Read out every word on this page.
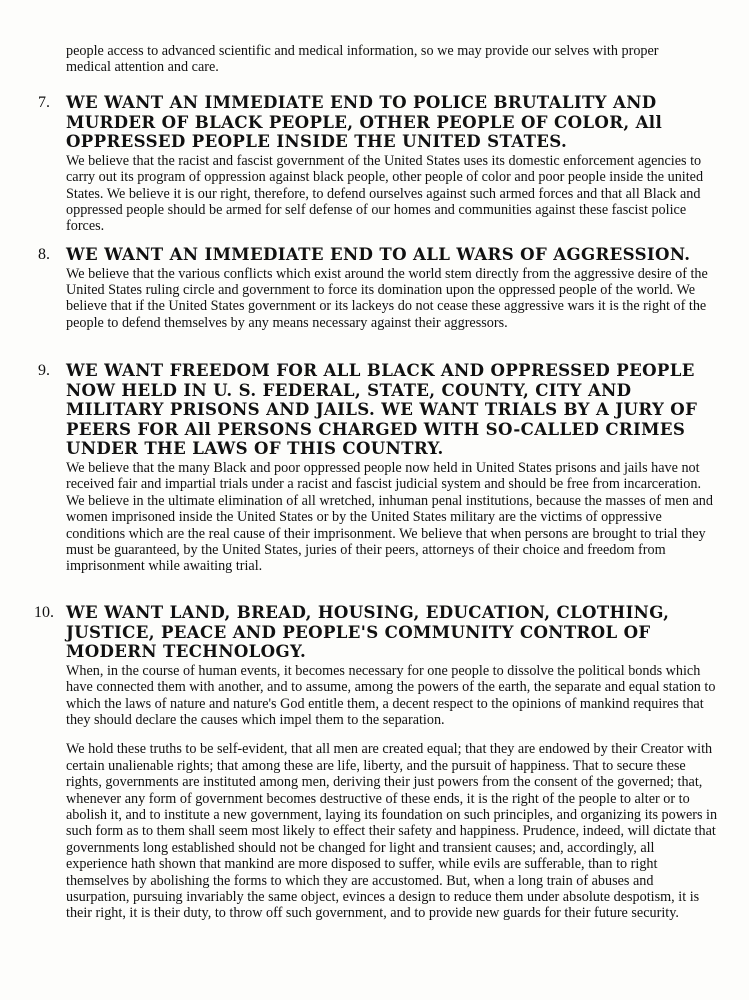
people access to advanced scientific and medical information, so we may provide our selves with proper medical attention and care.

7. WE WANT AN IMMEDIATE END TO POLICE BRUTALITY AND MURDER OF BLACK PEOPLE, OTHER PEOPLE OF COLOR, All OPPRESSED PEOPLE INSIDE THE UNITED STATES.

We believe that the racist and fascist government of the United States uses its domestic enforcement agencies to carry out its program of oppression against black people, other people of color and poor people inside the united States. We believe it is our right, therefore, to defend ourselves against such armed forces and that all Black and oppressed people should be armed for self defense of our homes and communities against these fascist police forces.

8. WE WANT AN IMMEDIATE END TO ALL WARS OF AGGRESSION.

We believe that the various conflicts which exist around the world stem directly from the aggressive desire of the United States ruling circle and government to force its domination upon the oppressed people of the world. We believe that if the United States government or its lackeys do not cease these aggressive wars it is the right of the people to defend themselves by any means necessary against their aggressors.

9. WE WANT FREEDOM FOR ALL BLACK AND OPPRESSED PEOPLE NOW HELD IN U. S. FEDERAL, STATE, COUNTY, CITY AND MILITARY PRISONS AND JAILS. WE WANT TRIALS BY A JURY OF PEERS FOR All PERSONS CHARGED WITH SO-CALLED CRIMES UNDER THE LAWS OF THIS COUNTRY.

We believe that the many Black and poor oppressed people now held in United States prisons and jails have not received fair and impartial trials under a racist and fascist judicial system and should be free from incarceration. We believe in the ultimate elimination of all wretched, inhuman penal institutions, because the masses of men and women imprisoned inside the United States or by the United States military are the victims of oppressive conditions which are the real cause of their imprisonment. We believe that when persons are brought to trial they must be guaranteed, by the United States, juries of their peers, attorneys of their choice and freedom from imprisonment while awaiting trial.

10. WE WANT LAND, BREAD, HOUSING, EDUCATION, CLOTHING, JUSTICE, PEACE AND PEOPLE'S COMMUNITY CONTROL OF MODERN TECHNOLOGY.

When, in the course of human events, it becomes necessary for one people to dissolve the political bonds which have connected them with another, and to assume, among the powers of the earth, the separate and equal station to which the laws of nature and nature's God entitle them, a decent respect to the opinions of mankind requires that they should declare the causes which impel them to the separation.

We hold these truths to be self-evident, that all men are created equal; that they are endowed by their Creator with certain unalienable rights; that among these are life, liberty, and the pursuit of happiness. That to secure these rights, governments are instituted among men, deriving their just powers from the consent of the governed; that, whenever any form of government becomes destructive of these ends, it is the right of the people to alter or to abolish it, and to institute a new government, laying its foundation on such principles, and organizing its powers in such form as to them shall seem most likely to effect their safety and happiness. Prudence, indeed, will dictate that governments long established should not be changed for light and transient causes; and, accordingly, all experience hath shown that mankind are more disposed to suffer, while evils are sufferable, than to right themselves by abolishing the forms to which they are accustomed. But, when a long train of abuses and usurpation, pursuing invariably the same object, evinces a design to reduce them under absolute despotism, it is their right, it is their duty, to throw off such government, and to provide new guards for their future security.
